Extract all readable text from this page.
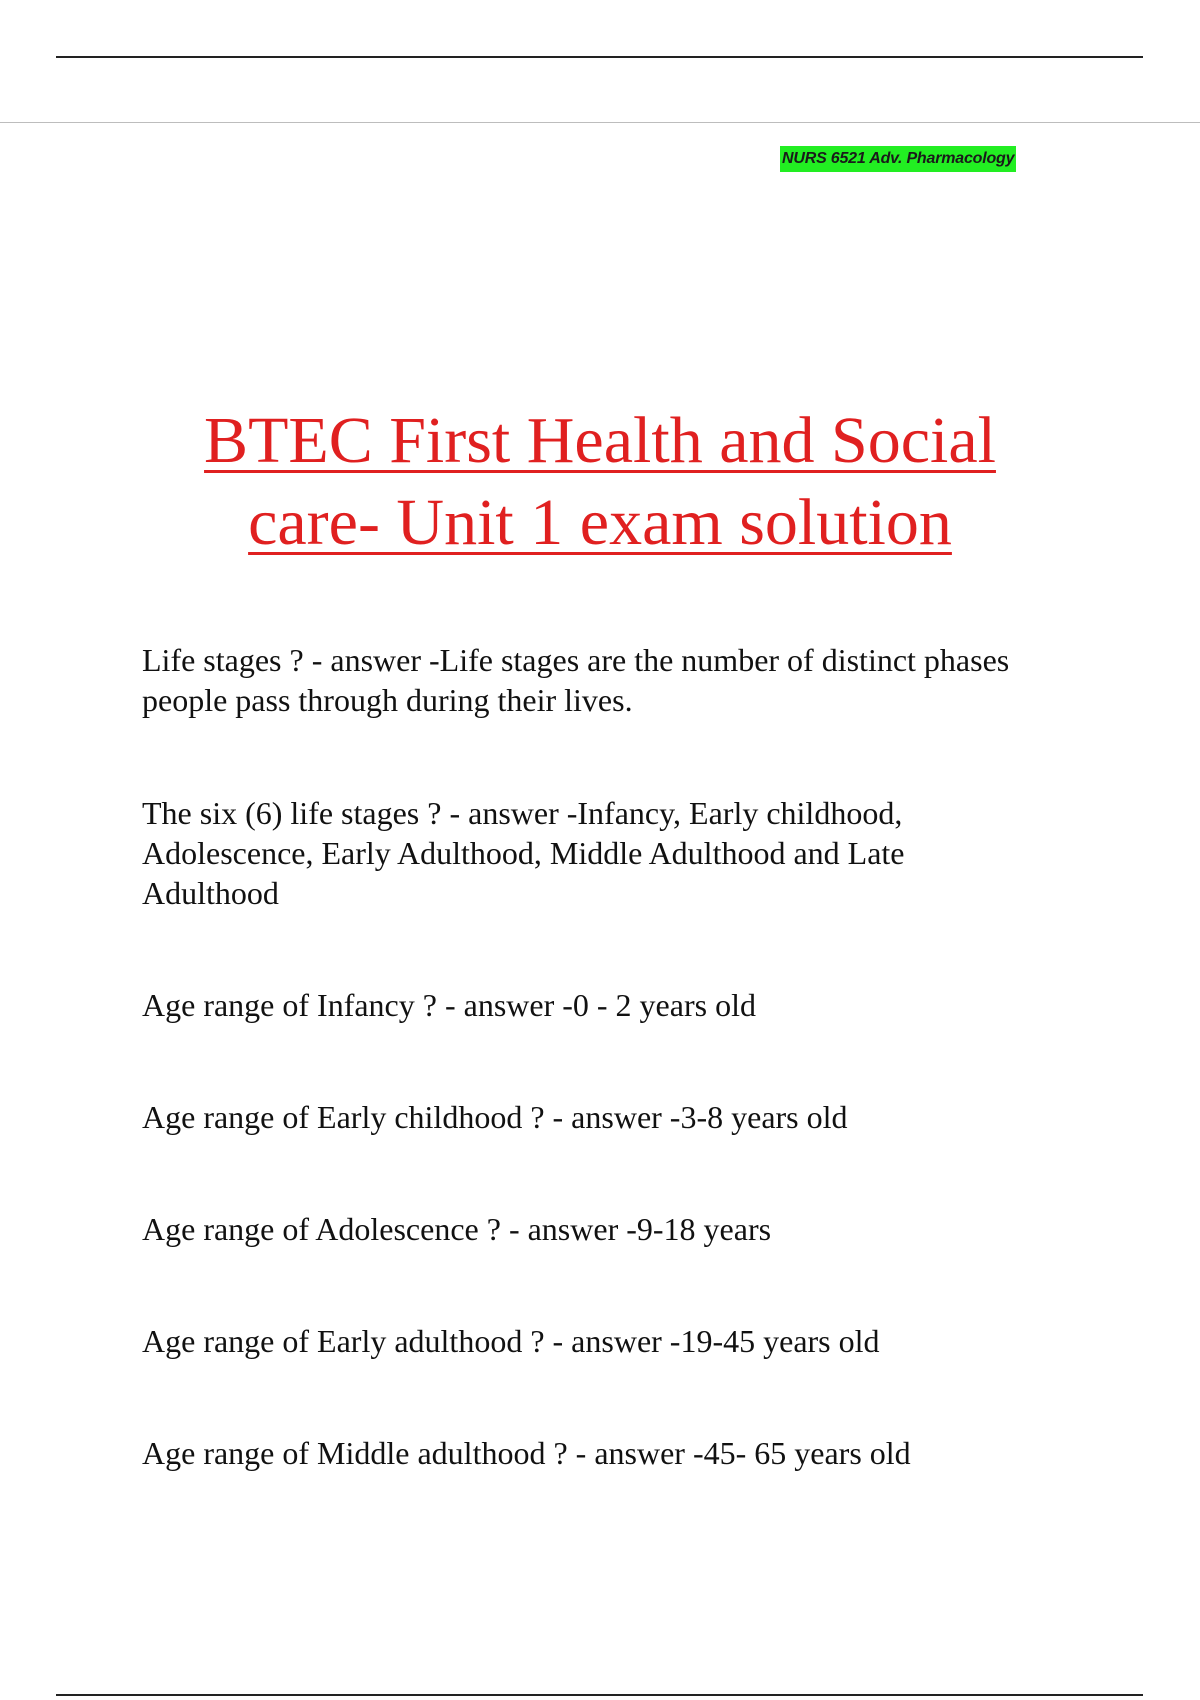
NURS 6521 Adv. Pharmacology
BTEC First Health and Social
care- Unit 1 exam solution

Life stages ? - answer -Life stages are the number of distinct phases people pass through during their lives.

The six (6) life stages ? - answer -Infancy, Early childhood, Adolescence, Early Adulthood, Middle Adulthood and Late Adulthood

Age range of Infancy ? - answer -0 - 2 years old

Age range of Early childhood ? - answer -3-8 years old

Age range of Adolescence ? - answer -9-18 years

Age range of Early adulthood ? - answer -19-45 years old

Age range of Middle adulthood ? - answer -45- 65 years old
